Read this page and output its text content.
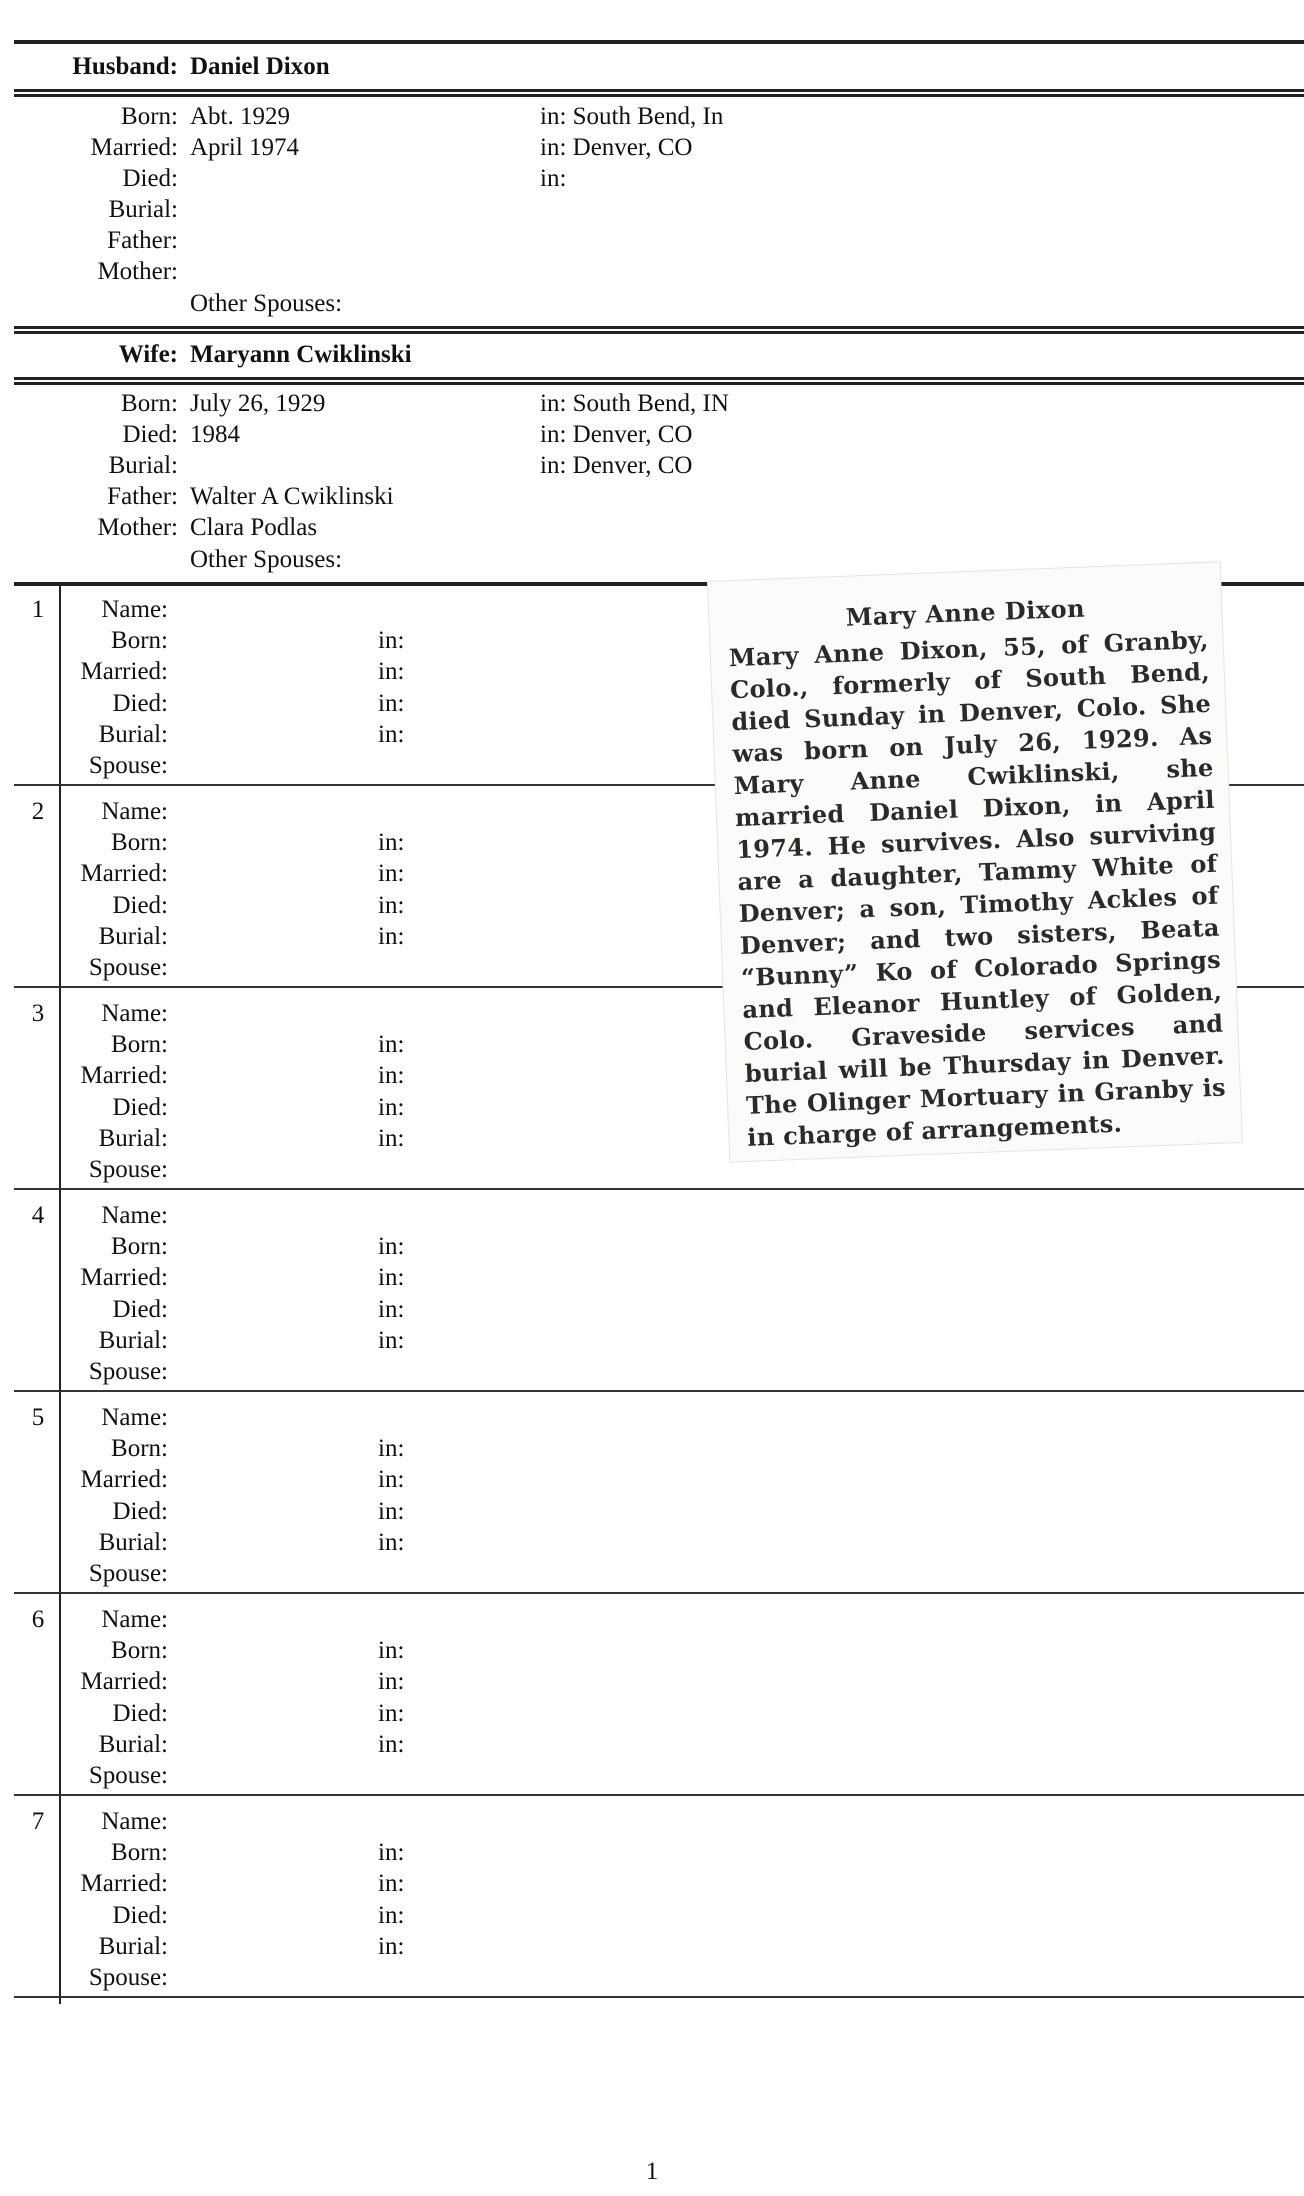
Husband: Daniel Dixon
Born: Abt. 1929	in: South Bend, In
Married: April 1974	in: Denver, CO
Died:	in:
Burial:
Father:
Mother:
Other Spouses:
Wife: Maryann Cwiklinski
Born: July 26, 1929	in: South Bend, IN
Died: 1984	in: Denver, CO
Burial:	in: Denver, CO
Father: Walter A Cwiklinski
Mother: Clara Podlas
Other Spouses:
1	Name:
Born:	in:
Married:	in:
Died:	in:
Burial:	in:
Spouse:
2	Name:
Born:	in:
Married:	in:
Died:	in:
Burial:	in:
Spouse:
3	Name:
Born:	in:
Married:	in:
Died:	in:
Burial:	in:
Spouse:
4	Name:
Born:	in:
Married:	in:
Died:	in:
Burial:	in:
Spouse:
5	Name:
Born:	in:
Married:	in:
Died:	in:
Burial:	in:
Spouse:
6	Name:
Born:	in:
Married:	in:
Died:	in:
Burial:	in:
Spouse:
7	Name:
Born:	in:
Married:	in:
Died:	in:
Burial:	in:
Spouse:
Mary Anne Dixon
Mary Anne Dixon, 55, of Granby, Colo., formerly of South Bend, died Sunday in Denver, Colo. She was born on July 26, 1929. As Mary Anne Cwiklinski, she married Daniel Dixon, in April 1974. He survives. Also surviving are a daughter, Tammy White of Denver; a son, Timothy Ackles of Denver; and two sisters, Beata “Bunny” Ko of Colorado Springs and Eleanor Huntley of Golden, Colo. Graveside services and burial will be Thursday in Denver. The Olinger Mortuary in Granby is in charge of arrangements.
1
